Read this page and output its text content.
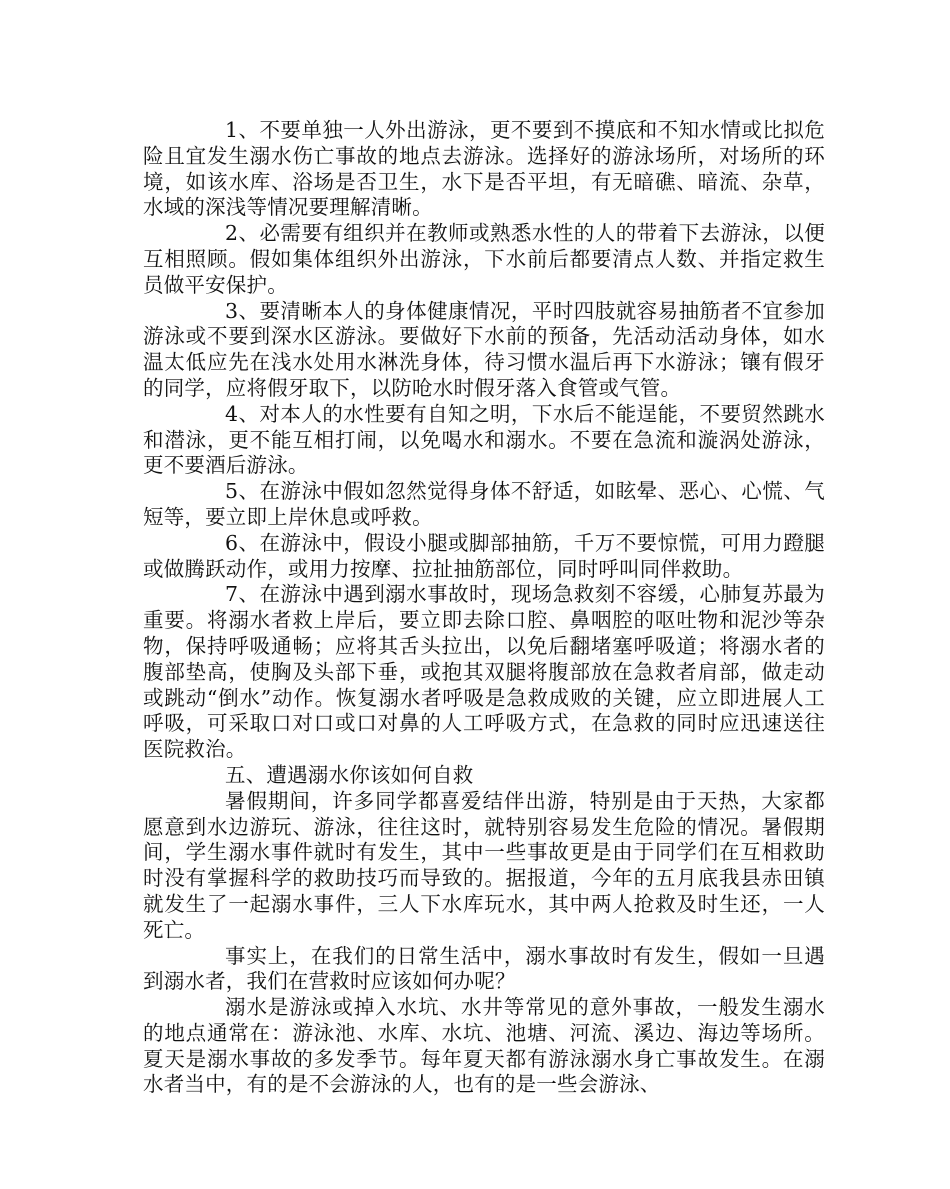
1、不要单独一人外出游泳，更不要到不摸底和不知水情或比拟危险且宜发生溺水伤亡事故的地点去游泳。选择好的游泳场所，对场所的环境，如该水库、浴场是否卫生，水下是否平坦，有无暗礁、暗流、杂草，水域的深浅等情况要理解清晰。

2、必需要有组织并在教师或熟悉水性的人的带着下去游泳，以便互相照顾。假如集体组织外出游泳，下水前后都要清点人数、并指定救生员做平安保护。

3、要清晰本人的身体健康情况，平时四肢就容易抽筋者不宜参加游泳或不要到深水区游泳。要做好下水前的预备，先活动活动身体，如水温太低应先在浅水处用水淋洗身体，待习惯水温后再下水游泳；镶有假牙的同学，应将假牙取下，以防呛水时假牙落入食管或气管。

4、对本人的水性要有自知之明，下水后不能逞能，不要贸然跳水和潜泳，更不能互相打闹，以免喝水和溺水。不要在急流和漩涡处游泳，更不要酒后游泳。

5、在游泳中假如忽然觉得身体不舒适，如眩晕、恶心、心慌、气短等，要立即上岸休息或呼救。

6、在游泳中，假设小腿或脚部抽筋，千万不要惊慌，可用力蹬腿或做腾跃动作，或用力按摩、拉扯抽筋部位，同时呼叫同伴救助。

7、在游泳中遇到溺水事故时，现场急救刻不容缓，心肺复苏最为重要。将溺水者救上岸后，要立即去除口腔、鼻咽腔的呕吐物和泥沙等杂物，保持呼吸通畅；应将其舌头拉出，以免后翻堵塞呼吸道；将溺水者的腹部垫高，使胸及头部下垂，或抱其双腿将腹部放在急救者肩部，做走动或跳动“倒水”动作。恢复溺水者呼吸是急救成败的关键，应立即进展人工呼吸，可采取口对口或口对鼻的人工呼吸方式，在急救的同时应迅速送往医院救治。

五、遭遇溺水你该如何自救

暑假期间，许多同学都喜爱结伴出游，特别是由于天热，大家都愿意到水边游玩、游泳，往往这时，就特别容易发生危险的情况。暑假期间，学生溺水事件就时有发生，其中一些事故更是由于同学们在互相救助时没有掌握科学的救助技巧而导致的。据报道，今年的五月底我县赤田镇就发生了一起溺水事件，三人下水库玩水，其中两人抢救及时生还，一人死亡。

事实上，在我们的日常生活中，溺水事故时有发生，假如一旦遇到溺水者，我们在营救时应该如何办呢？

溺水是游泳或掉入水坑、水井等常见的意外事故，一般发生溺水的地点通常在：游泳池、水库、水坑、池塘、河流、溪边、海边等场所。夏天是溺水事故的多发季节。每年夏天都有游泳溺水身亡事故发生。在溺水者当中，有的是不会游泳的人，也有的是一些会游泳、
